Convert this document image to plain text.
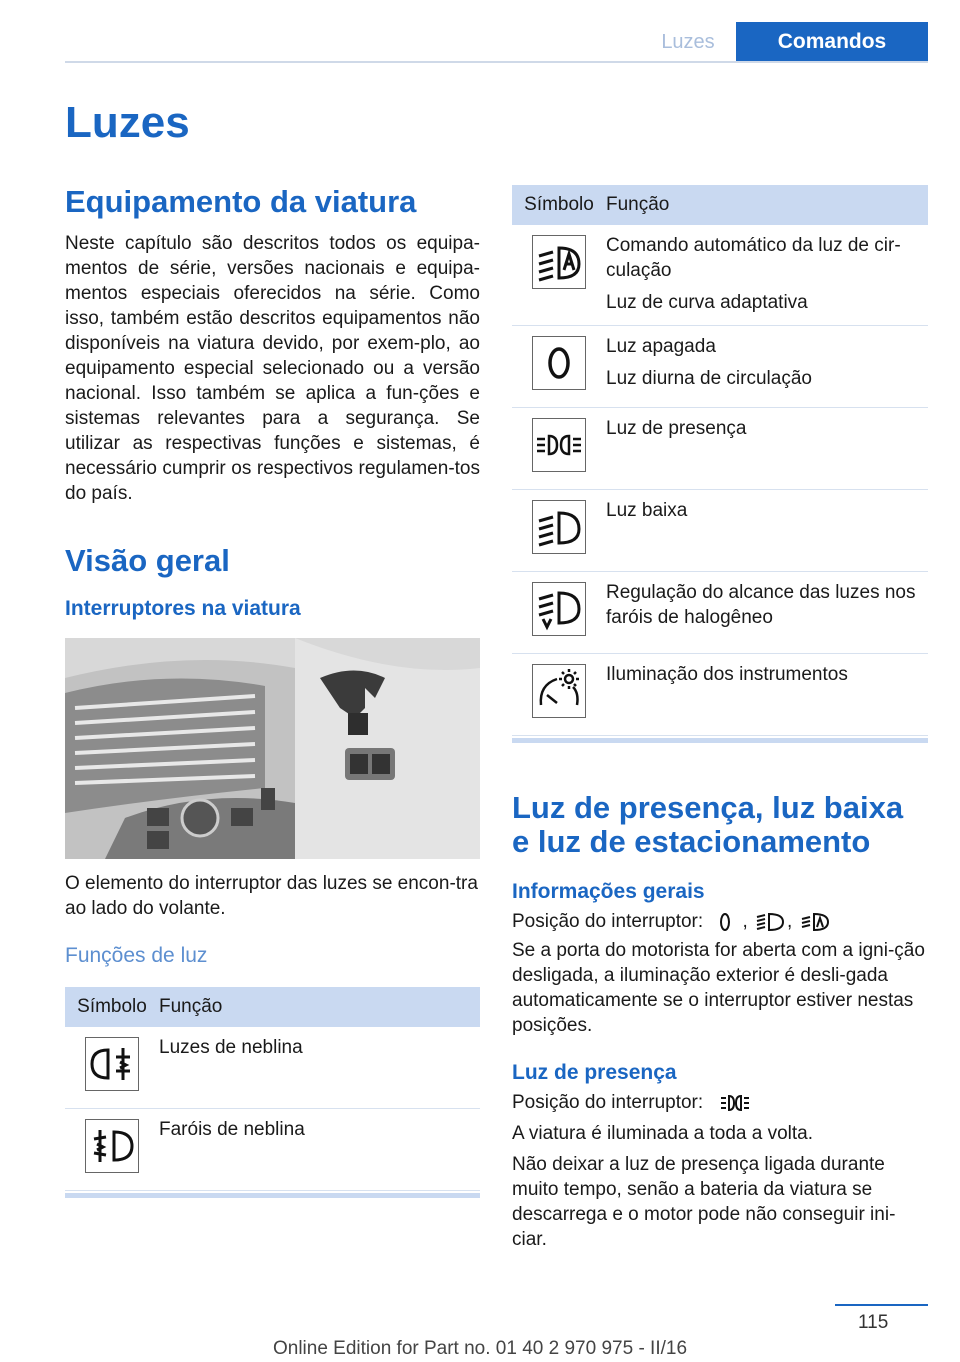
Luzes	Comandos
Luzes
Equipamento da viatura

Neste capítulo são descritos todos os equipa-mentos de série, versões nacionais e equipa-mentos especiais oferecidos na série. Como isso, também estão descritos equipamentos não disponíveis na viatura devido, por exem-plo, ao equipamento especial selecionado ou a versão nacional. Isso também se aplica a fun-ções e sistemas relevantes para a segurança. Se utilizar as respectivas funções e sistemas, é necessário cumprir os respectivos regulamen-tos do país.

Visão geral
Interruptores na viatura

O elemento do interruptor das luzes se encon-tra ao lado do volante.

Funções de luz
Símbolo	Função

	Luzes de neblina

	Faróis de neblina

Símbolo	Função

Comando automático da luz de cir-culação
Luz de curva adaptativa

Luz apagada
Luz diurna de circulação

Luz de presença

Luz baixa

Regulação do alcance das luzes nos faróis de halogêneo

Iluminação dos instrumentos

Luz de presença, luz baixa e luz de estacionamento
Informações gerais

Posição do interruptor: , ,

Se a porta do motorista for aberta com a igni-ção desligada, a iluminação exterior é desli-gada automaticamente se o interruptor estiver nestas posições.

Luz de presença

Posição do interruptor:

A viatura é iluminada a toda a volta.

Não deixar a luz de presença ligada durante muito tempo, senão a bateria da viatura se descarrega e o motor pode não conseguir ini-ciar.

115
Online Edition for Part no. 01 40 2 970 975 - II/16
